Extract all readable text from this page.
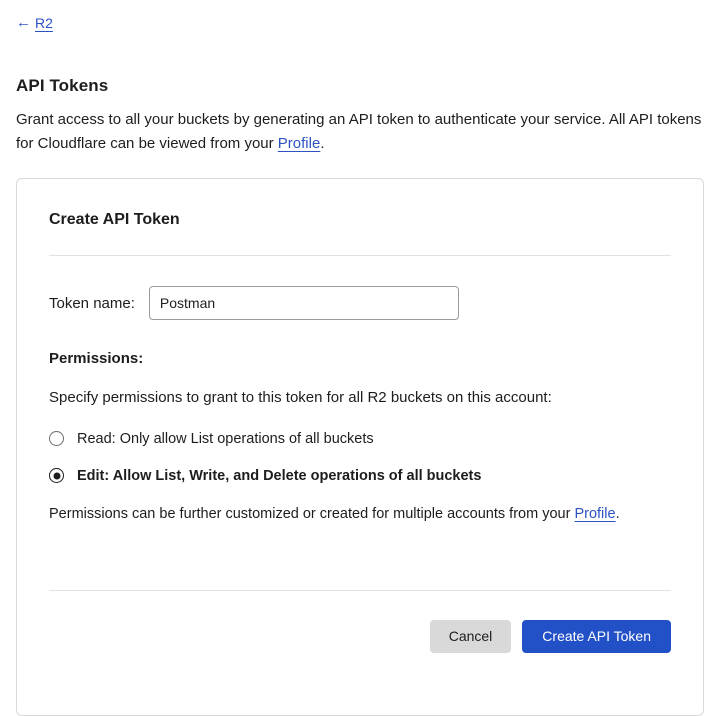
← R2
API Tokens

Grant access to all your buckets by generating an API token to authenticate your service. All API tokens for Cloudflare can be viewed from your Profile.

Create API Token
Token name:
Postman
Permissions:
Specify permissions to grant to this token for all R2 buckets on this account:
Read: Only allow List operations of all buckets
Edit: Allow List, Write, and Delete operations of all buckets
Permissions can be further customized or created for multiple accounts from your Profile.
Cancel	Create API Token
